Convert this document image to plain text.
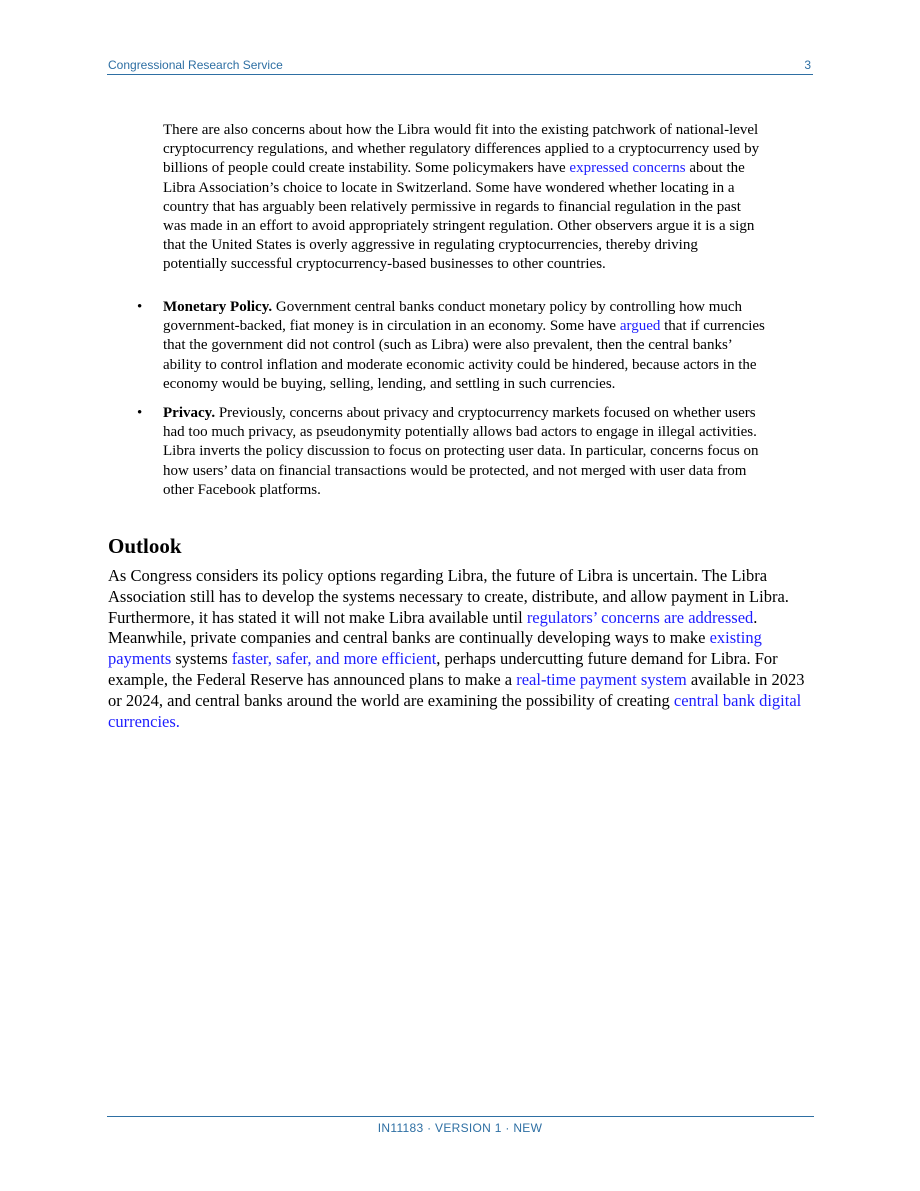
Congressional Research Service	3

There are also concerns about how the Libra would fit into the existing patchwork of national-level cryptocurrency regulations, and whether regulatory differences applied to a cryptocurrency used by billions of people could create instability. Some policymakers have expressed concerns about the Libra Association’s choice to locate in Switzerland. Some have wondered whether locating in a country that has arguably been relatively permissive in regards to financial regulation in the past was made in an effort to avoid appropriately stringent regulation. Other observers argue it is a sign that the United States is overly aggressive in regulating cryptocurrencies, thereby driving potentially successful cryptocurrency-based businesses to other countries.

• Monetary Policy. Government central banks conduct monetary policy by controlling how much government-backed, fiat money is in circulation in an economy. Some have argued that if currencies that the government did not control (such as Libra) were also prevalent, then the central banks’ ability to control inflation and moderate economic activity could be hindered, because actors in the economy would be buying, selling, lending, and settling in such currencies.
• Privacy. Previously, concerns about privacy and cryptocurrency markets focused on whether users had too much privacy, as pseudonymity potentially allows bad actors to engage in illegal activities. Libra inverts the policy discussion to focus on protecting user data. In particular, concerns focus on how users’ data on financial transactions would be protected, and not merged with user data from other Facebook platforms.
Outlook

As Congress considers its policy options regarding Libra, the future of Libra is uncertain. The Libra Association still has to develop the systems necessary to create, distribute, and allow payment in Libra. Furthermore, it has stated it will not make Libra available until regulators’ concerns are addressed. Meanwhile, private companies and central banks are continually developing ways to make existing payments systems faster, safer, and more efficient, perhaps undercutting future demand for Libra. For example, the Federal Reserve has announced plans to make a real-time payment system available in 2023 or 2024, and central banks around the world are examining the possibility of creating central bank digital currencies.

IN11183 · VERSION 1 · NEW
